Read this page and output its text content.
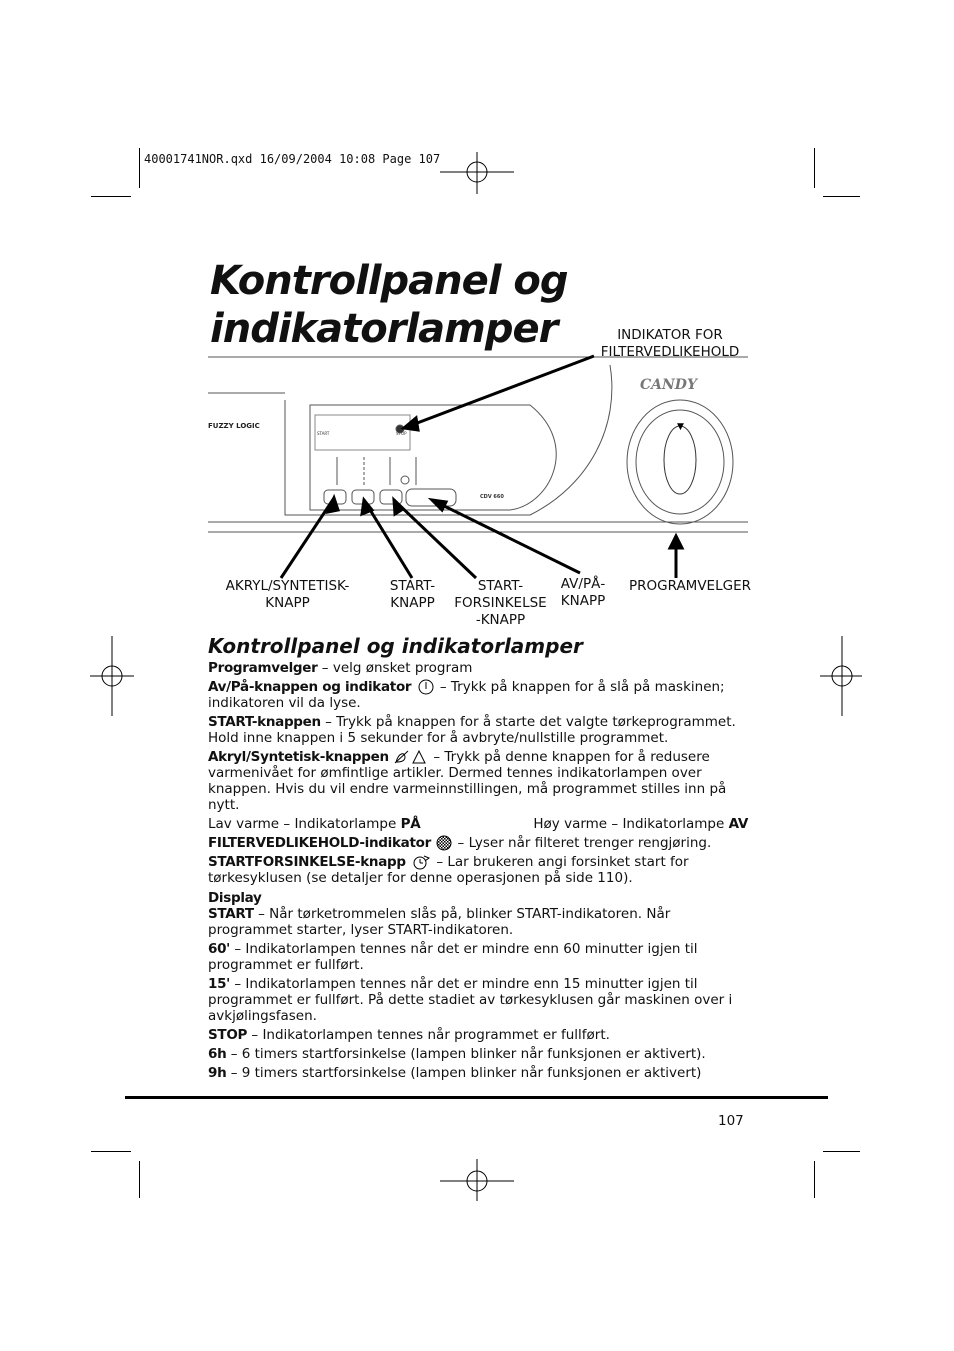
40001741NOR.qxd 16/09/2004 10:08 Page 107
Kontrollpanel og
indikatorlamper
CANDY
FUZZY LOGIC
CDV 660
START	STOP
▼
INDIKATOR FOR
FILTERVEDLIKEHOLD
AKRYL/SYNTETISK-
KNAPP
START-
KNAPP
START-
FORSINKELSE
-KNAPP
AV/PÅ-
KNAPP
PROGRAMVELGER
Kontrollpanel og indikatorlamper

Programvelger – velg ønsket program

Av/På-knappen og indikator  – Trykk på knappen for å slå på maskinen; indikatoren vil da lyse.

START-knappen – Trykk på knappen for å starte det valgte tørkeprogrammet. Hold inne knappen i 5 sekunder for å avbryte/nullstille programmet.

Akryl/Syntetisk-knappen	– Trykk på denne knappen for å redusere varmenivået for ømfintlige artikler. Dermed tennes indikatorlampen over knappen. Hvis du vil endre varmeinnstillingen, må programmet stilles inn på nytt.

Lav varme – Indikatorlampe PÅ	Høy varme – Indikatorlampe AV

FILTERVEDLIKEHOLD-indikator  – Lyser når filteret trenger rengjøring.

STARTFORSINKELSE-knapp  – Lar brukeren angi forsinket start for tørkesyklusen (se detaljer for denne operasjonen på side 110).

Display

START – Når tørketrommelen slås på, blinker START-indikatoren. Når programmet starter, lyser START-indikatoren.

60' – Indikatorlampen tennes når det er mindre enn 60 minutter igjen til programmet er fullført.

15' – Indikatorlampen tennes når det er mindre enn 15 minutter igjen til programmet er fullført. På dette stadiet av tørkesyklusen går maskinen over i avkjølingsfasen.

STOP – Indikatorlampen tennes når programmet er fullført.

6h – 6 timers startforsinkelse (lampen blinker når funksjonen er aktivert).

9h – 9 timers startforsinkelse (lampen blinker når funksjonen er aktivert)

107
